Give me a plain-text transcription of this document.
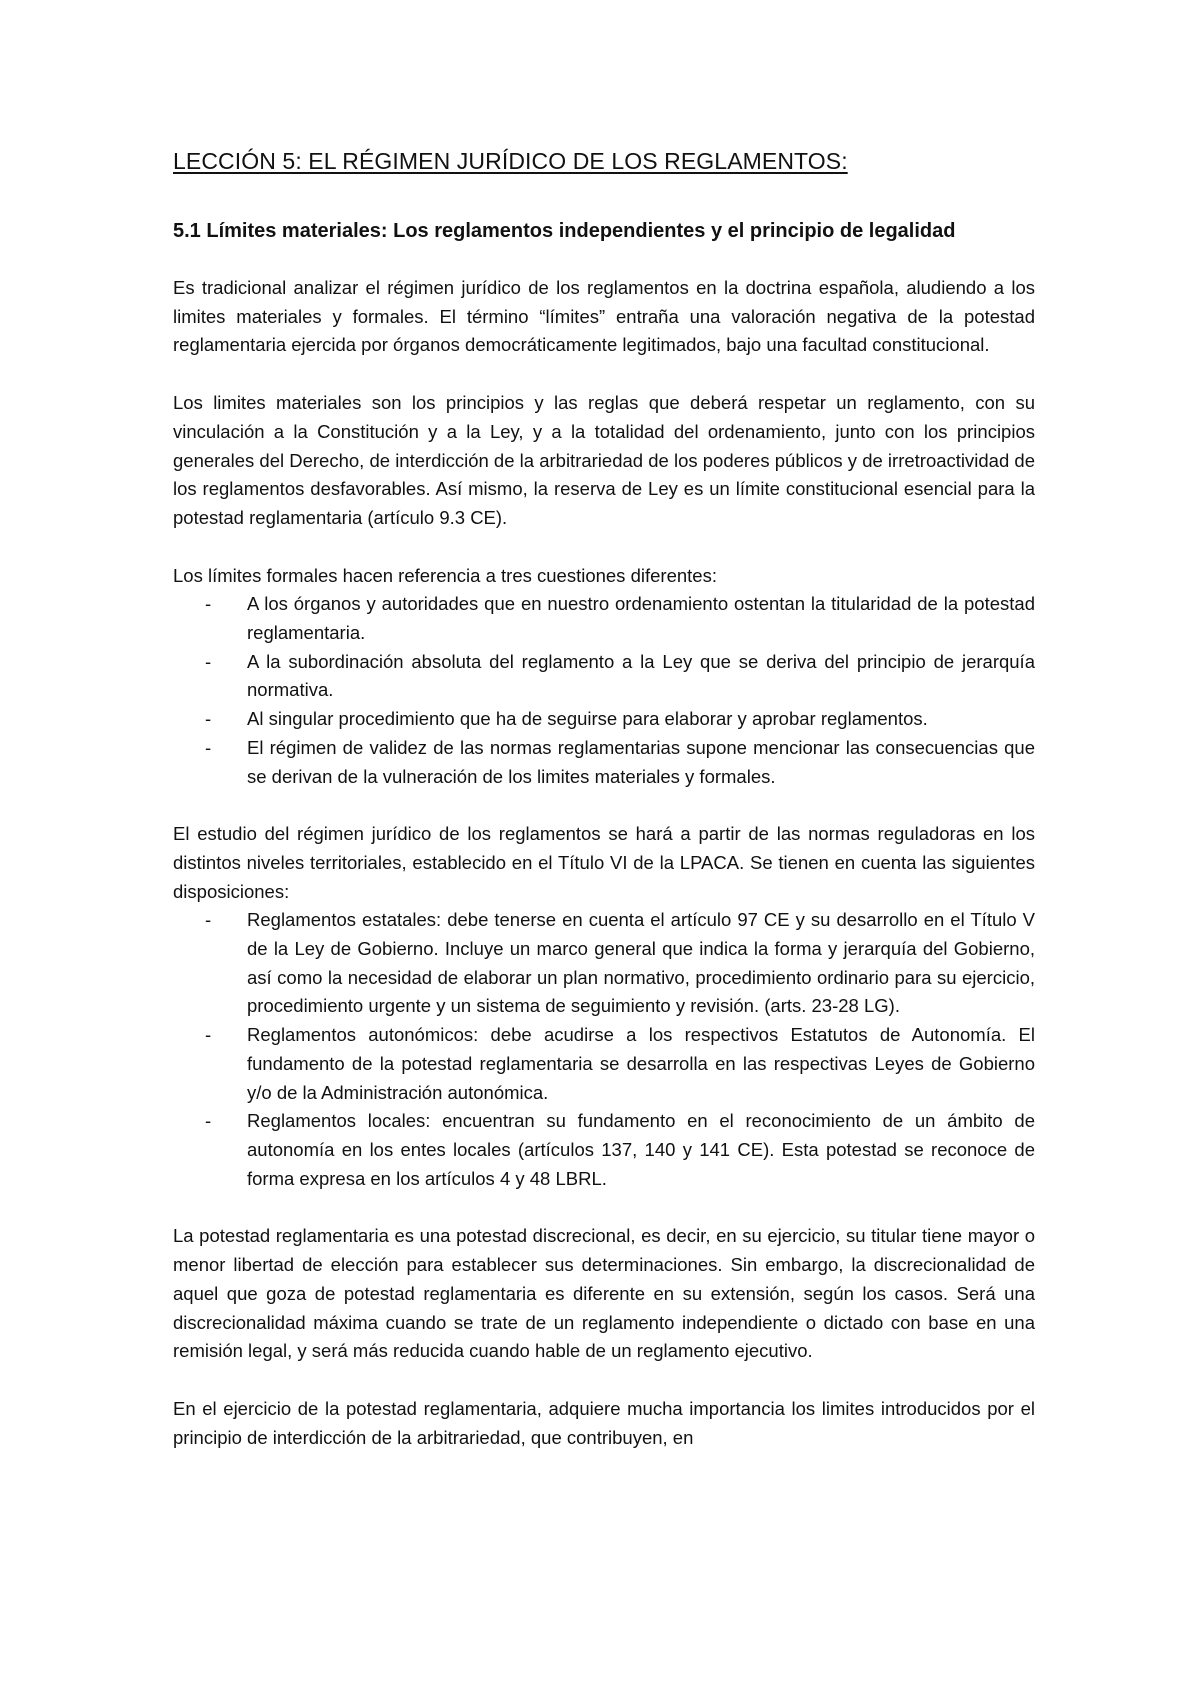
LECCIÓN 5: EL RÉGIMEN JURÍDICO DE LOS REGLAMENTOS:
5.1 Límites materiales: Los reglamentos independientes y el principio de legalidad

Es tradicional analizar el régimen jurídico de los reglamentos en la doctrina española, aludiendo a los limites materiales y formales. El término “límites” entraña una valoración negativa de la potestad reglamentaria ejercida por órganos democráticamente legitimados, bajo una facultad constitucional.

Los limites materiales son los principios y las reglas que deberá respetar un reglamento, con su vinculación a la Constitución y a la Ley, y a la totalidad del ordenamiento, junto con los principios generales del Derecho, de interdicción de la arbitrariedad de los poderes públicos y de irretroactividad de los reglamentos desfavorables. Así mismo, la reserva de Ley es un límite constitucional esencial para la potestad reglamentaria (artículo 9.3 CE).

Los límites formales hacen referencia a tres cuestiones diferentes:

- A los órganos y autoridades que en nuestro ordenamiento ostentan la titularidad de la potestad reglamentaria.
- A la subordinación absoluta del reglamento a la Ley que se deriva del principio de jerarquía normativa.
- Al singular procedimiento que ha de seguirse para elaborar y aprobar reglamentos.
- El régimen de validez de las normas reglamentarias supone mencionar las consecuencias que se derivan de la vulneración de los limites materiales y formales.

El estudio del régimen jurídico de los reglamentos se hará a partir de las normas reguladoras en los distintos niveles territoriales, establecido en el Título VI de la LPACA. Se tienen en cuenta las siguientes disposiciones:

- Reglamentos estatales: debe tenerse en cuenta el artículo 97 CE y su desarrollo en el Título V de la Ley de Gobierno. Incluye un marco general que indica la forma y jerarquía del Gobierno, así como la necesidad de elaborar un plan normativo, procedimiento ordinario para su ejercicio, procedimiento urgente y un sistema de seguimiento y revisión. (arts. 23-28 LG).
- Reglamentos autonómicos: debe acudirse a los respectivos Estatutos de Autonomía. El fundamento de la potestad reglamentaria se desarrolla en las respectivas Leyes de Gobierno y/o de la Administración autonómica.
- Reglamentos locales: encuentran su fundamento en el reconocimiento de un ámbito de autonomía en los entes locales (artículos 137, 140 y 141 CE). Esta potestad se reconoce de forma expresa en los artículos 4 y 48 LBRL.

La potestad reglamentaria es una potestad discrecional, es decir, en su ejercicio, su titular tiene mayor o menor libertad de elección para establecer sus determinaciones. Sin embargo, la discrecionalidad de aquel que goza de potestad reglamentaria es diferente en su extensión, según los casos. Será una discrecionalidad máxima cuando se trate de un reglamento independiente o dictado con base en una remisión legal, y será más reducida cuando hable de un reglamento ejecutivo.

En el ejercicio de la potestad reglamentaria, adquiere mucha importancia los limites introducidos por el principio de interdicción de la arbitrariedad, que contribuyen, en
